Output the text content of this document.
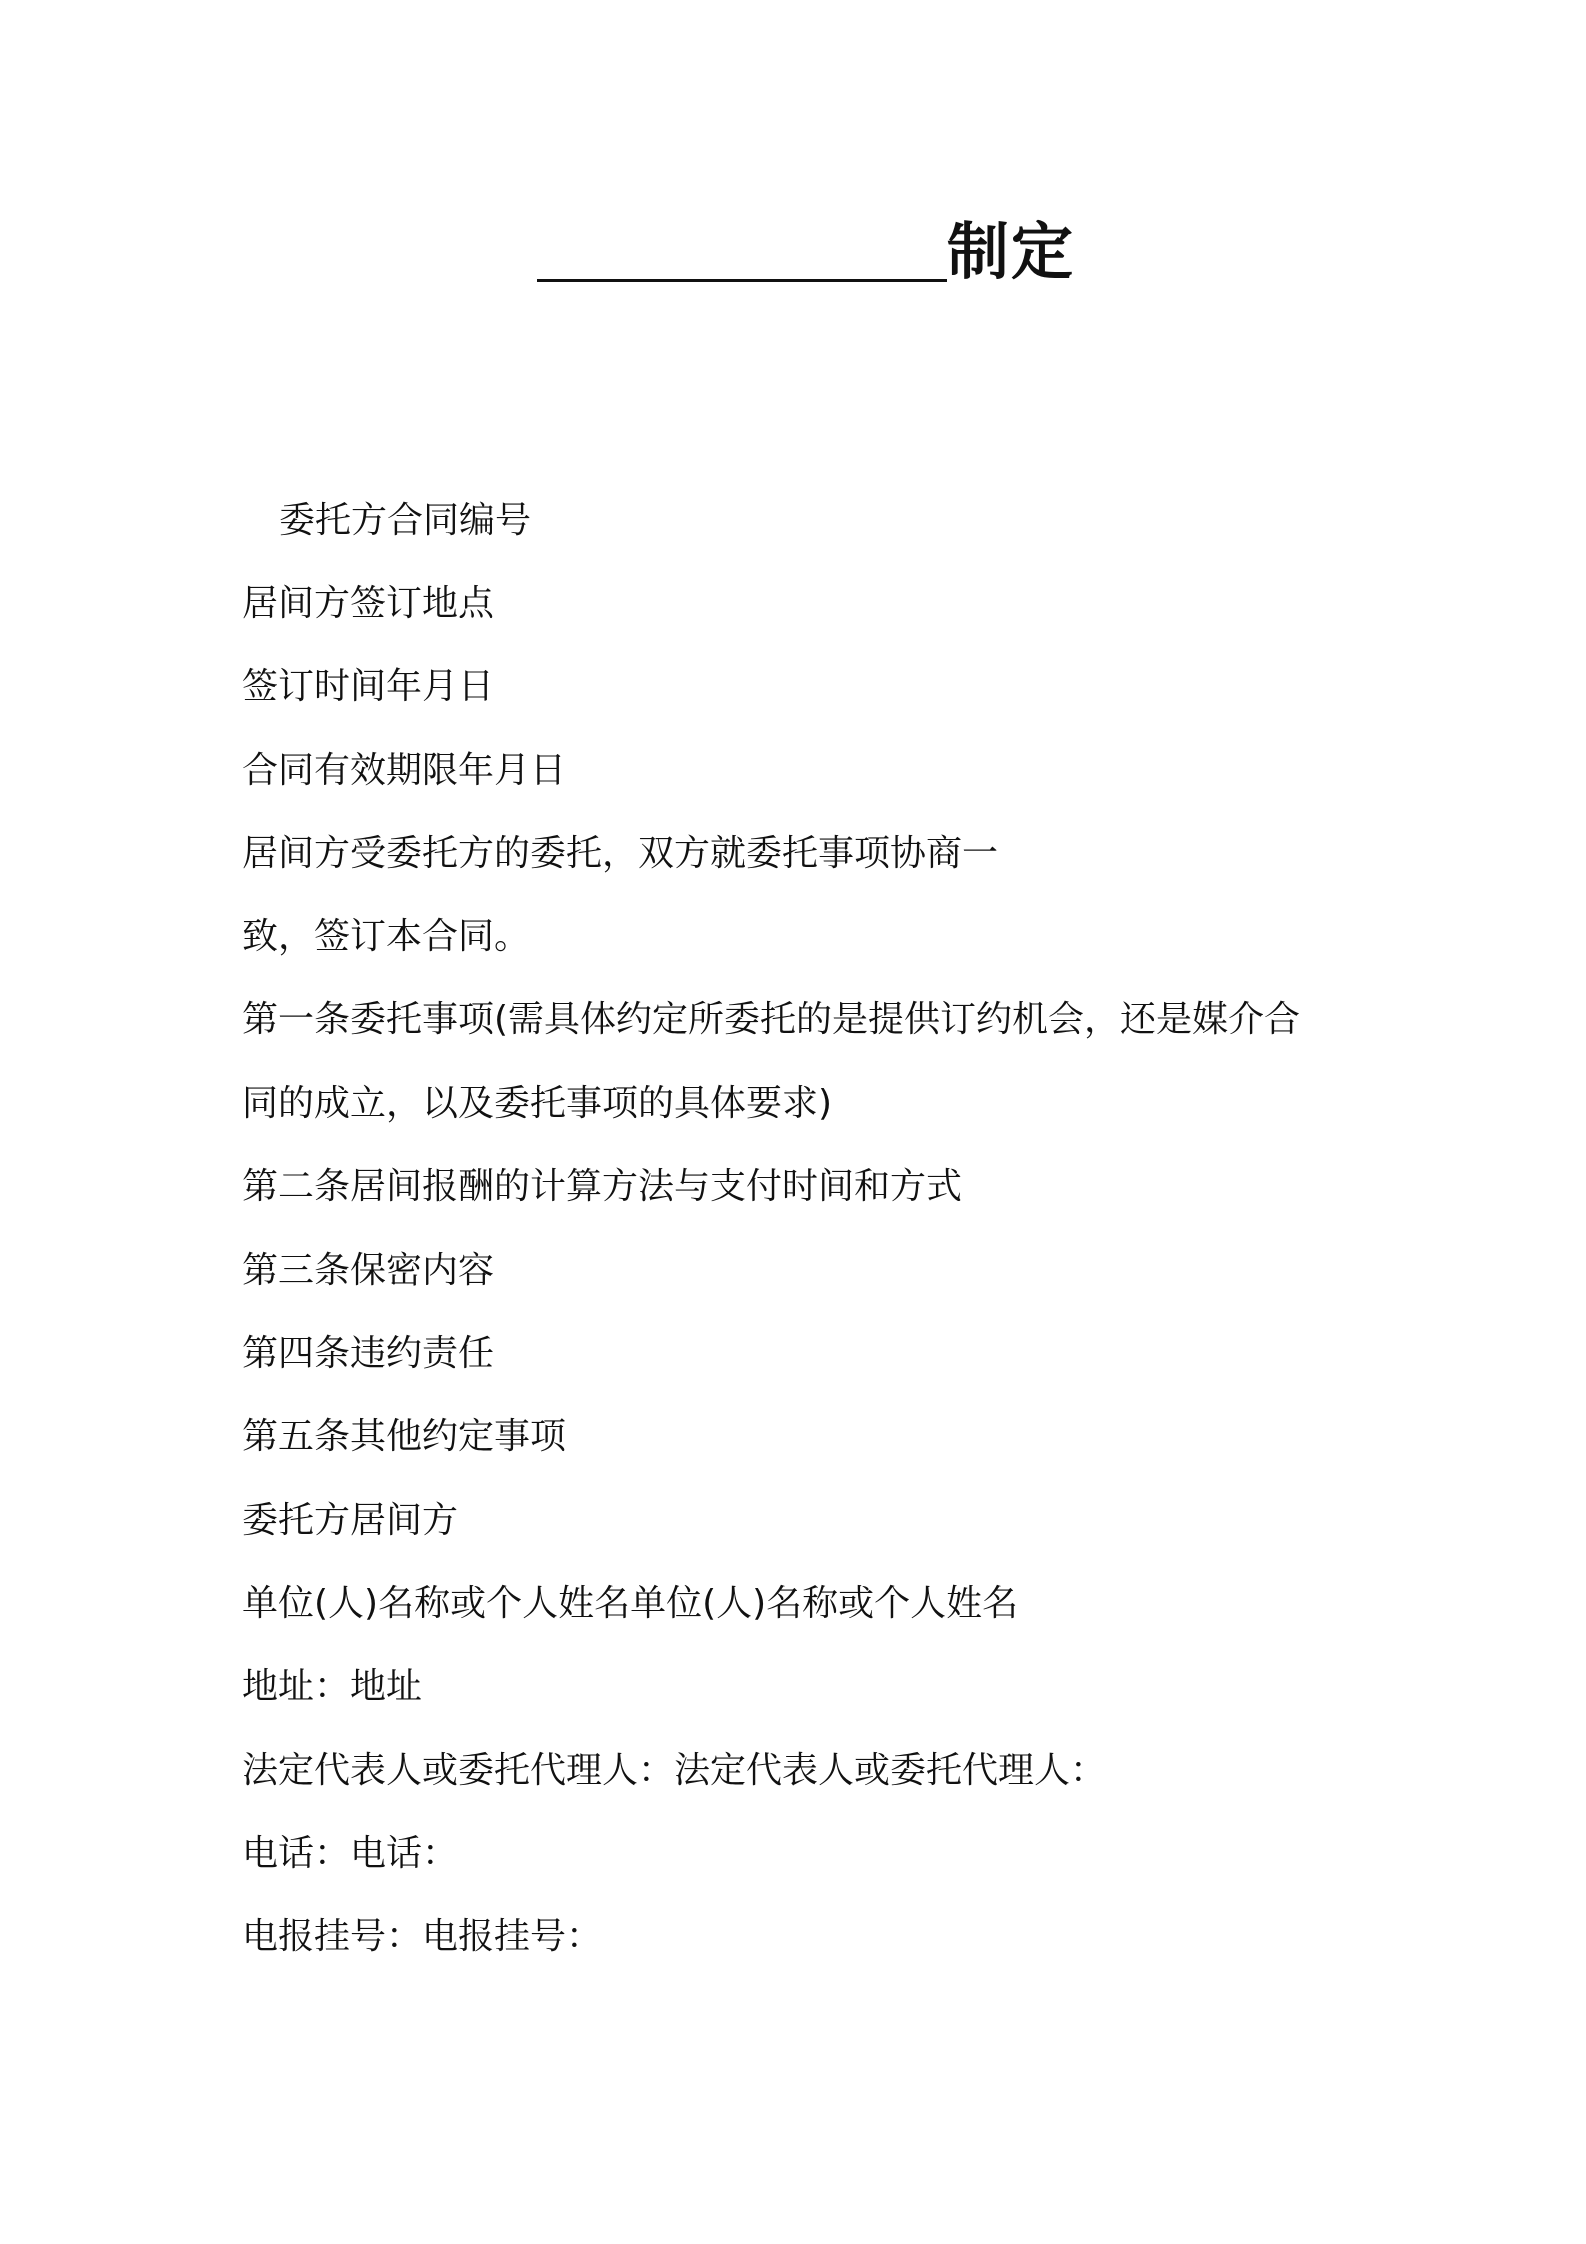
制定
委托方合同编号
居间方签订地点
签订时间年月日
合同有效期限年月日
居间方受委托方的委托，双方就委托事项协商一
致，签订本合同。
第一条委托事项(需具体约定所委托的是提供订约机会，还是媒介合
同的成立，以及委托事项的具体要求)
第二条居间报酬的计算方法与支付时间和方式
第三条保密内容
第四条违约责任
第五条其他约定事项
委托方居间方
单位(人)名称或个人姓名单位(人)名称或个人姓名
地址：地址
法定代表人或委托代理人：法定代表人或委托代理人：
电话：电话：
电报挂号：电报挂号：
